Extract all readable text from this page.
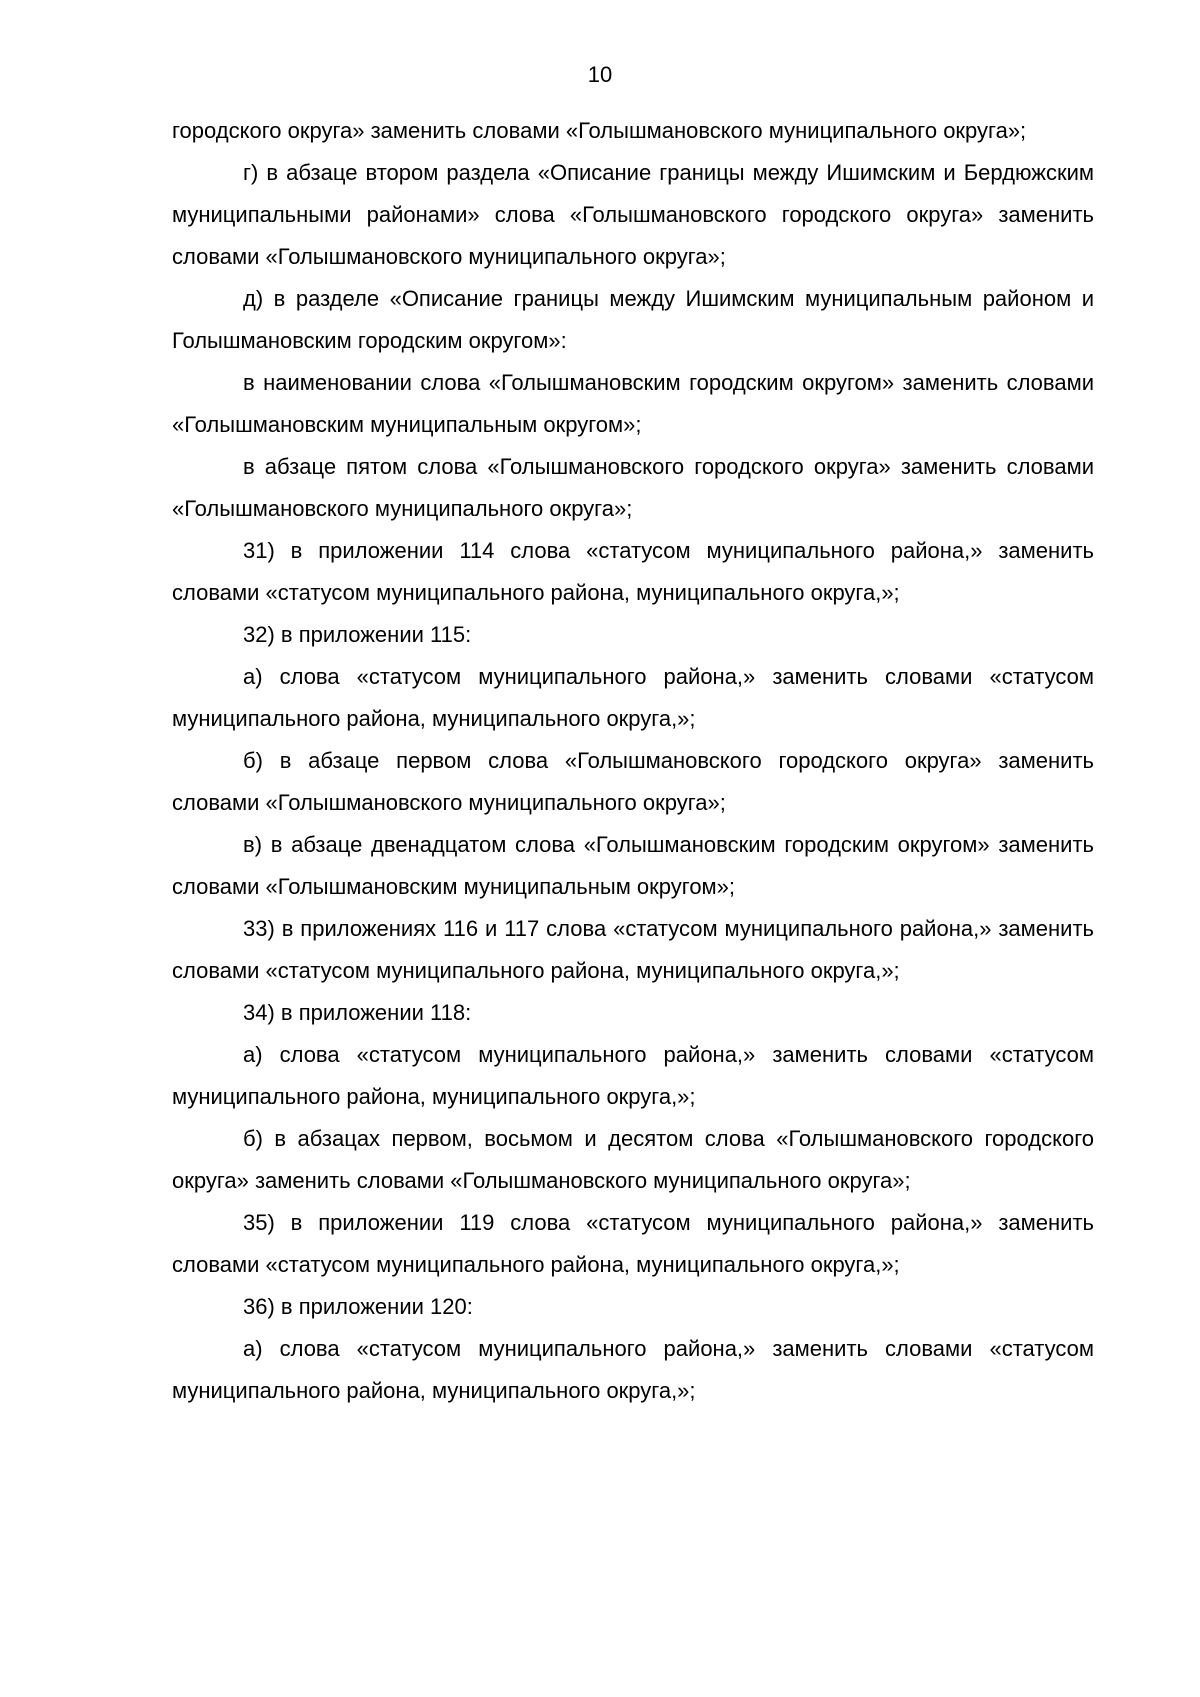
10

городского округа» заменить словами «Голышмановского муниципального округа»;

г) в абзаце втором раздела «Описание границы между Ишимским и Бердюжским муниципальными районами» слова «Голышмановского городского округа» заменить словами «Голышмановского муниципального округа»;

д) в разделе «Описание границы между Ишимским муниципальным районом и Голышмановским городским округом»:

в наименовании слова «Голышмановским городским округом» заменить словами «Голышмановским муниципальным округом»;

в абзаце пятом слова «Голышмановского городского округа» заменить словами «Голышмановского муниципального округа»;

31) в приложении 114 слова «статусом муниципального района,» заменить словами «статусом муниципального района, муниципального округа,»;

32) в приложении 115:

а) слова «статусом муниципального района,» заменить словами «статусом муниципального района, муниципального округа,»;

б) в абзаце первом слова «Голышмановского городского округа» заменить словами «Голышмановского муниципального округа»;

в) в абзаце двенадцатом слова «Голышмановским городским округом» заменить словами «Голышмановским муниципальным округом»;

33) в приложениях 116 и 117 слова «статусом муниципального района,» заменить словами «статусом муниципального района, муниципального округа,»;

34) в приложении 118:

а) слова «статусом муниципального района,» заменить словами «статусом муниципального района, муниципального округа,»;

б) в абзацах первом, восьмом и десятом слова «Голышмановского городского округа» заменить словами «Голышмановского муниципального округа»;

35) в приложении 119 слова «статусом муниципального района,» заменить словами «статусом муниципального района, муниципального округа,»;

36) в приложении 120:

а) слова «статусом муниципального района,» заменить словами «статусом муниципального района, муниципального округа,»;
